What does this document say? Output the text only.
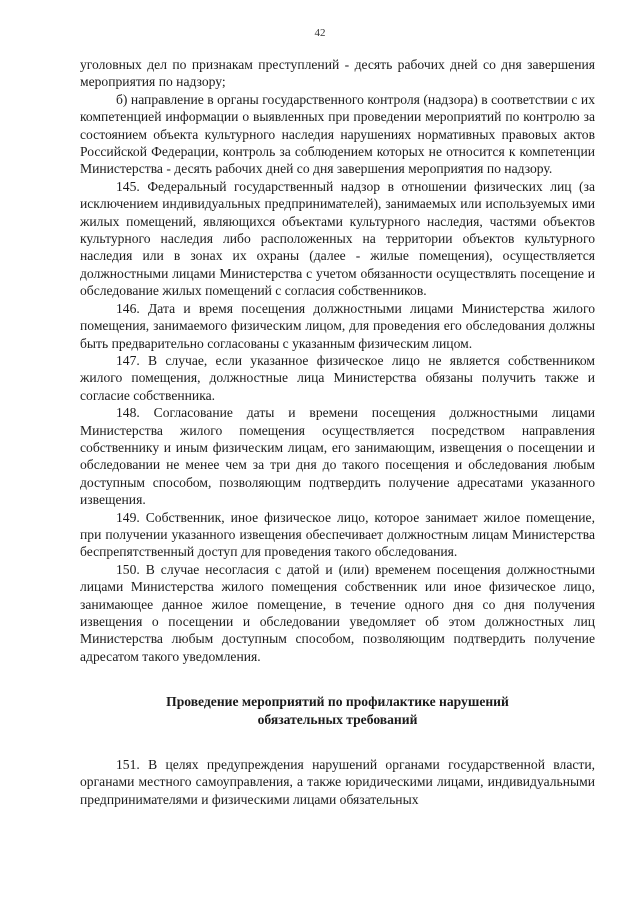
42

уголовных дел по признакам преступлений - десять рабочих дней со дня завершения мероприятия по надзору;

б) направление в органы государственного контроля (надзора) в соответствии с их компетенцией информации о выявленных при проведении мероприятий по контролю за состоянием объекта культурного наследия нарушениях нормативных правовых актов Российской Федерации, контроль за соблюдением которых не относится к компетенции Министерства - десять рабочих дней со дня завершения мероприятия по надзору.

145. Федеральный государственный надзор в отношении физических лиц (за исключением индивидуальных предпринимателей), занимаемых или используемых ими жилых помещений, являющихся объектами культурного наследия, частями объектов культурного наследия либо расположенных на территории объектов культурного наследия или в зонах их охраны (далее - жилые помещения), осуществляется должностными лицами Министерства с учетом обязанности осуществлять посещение и обследование жилых помещений с согласия собственников.

146. Дата и время посещения должностными лицами Министерства жилого помещения, занимаемого физическим лицом, для проведения его обследования должны быть предварительно согласованы с указанным физическим лицом.

147. В случае, если указанное физическое лицо не является собственником жилого помещения, должностные лица Министерства обязаны получить также и согласие собственника.

148. Согласование даты и времени посещения должностными лицами Министерства жилого помещения осуществляется посредством направления собственнику и иным физическим лицам, его занимающим, извещения о посещении и обследовании не менее чем за три дня до такого посещения и обследования любым доступным способом, позволяющим подтвердить получение адресатами указанного извещения.

149. Собственник, иное физическое лицо, которое занимает жилое помещение, при получении указанного извещения обеспечивает должностным лицам Министерства беспрепятственный доступ для проведения такого обследования.

150. В случае несогласия с датой и (или) временем посещения должностными лицами Министерства жилого помещения собственник или иное физическое лицо, занимающее данное жилое помещение, в течение одного дня со дня получения извещения о посещении и обследовании уведомляет об этом должностных лиц Министерства любым доступным способом, позволяющим подтвердить получение адресатом такого уведомления.

Проведение мероприятий по профилактике нарушений
обязательных требований

151. В целях предупреждения нарушений органами государственной власти, органами местного самоуправления, а также юридическими лицами, индивидуальными предпринимателями и физическими лицами обязательных
